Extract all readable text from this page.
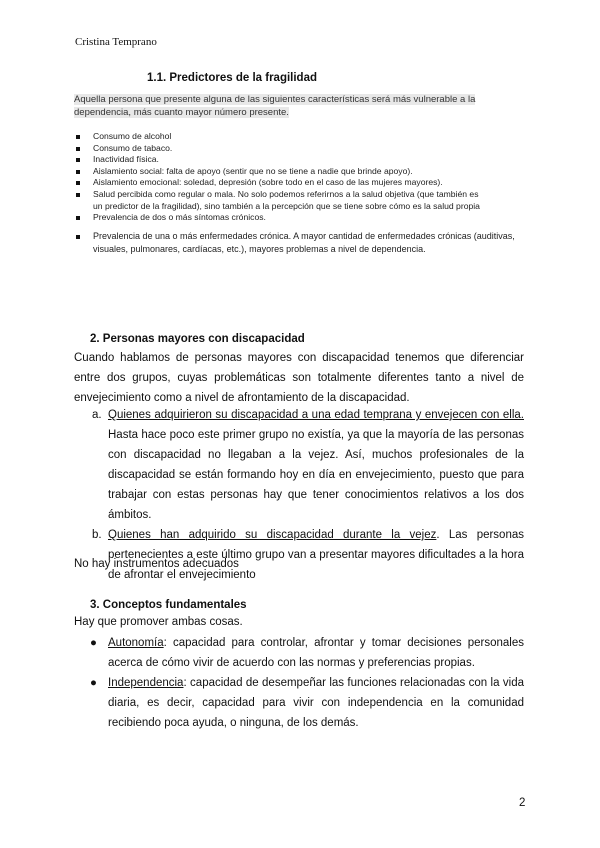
Cristina Temprano
1.1. Predictores de la fragilidad
Aquella persona que presente alguna de las siguientes características será más vulnerable a la dependencia, más cuanto mayor número presente.
Consumo de alcohol
Consumo de tabaco.
Inactividad física.
Aislamiento social: falta de apoyo (sentir que no se tiene a nadie que brinde apoyo).
Aislamiento emocional: soledad, depresión (sobre todo en el caso de las mujeres mayores).
Salud percibida como regular o mala. No solo podemos referirnos a la salud objetiva (que también es un predictor de la fragilidad), sino también a la percepción que se tiene sobre cómo es la salud propia
Prevalencia de dos o más síntomas crónicos.
Prevalencia de una o más enfermedades crónica. A mayor cantidad de enfermedades crónicas (auditivas, visuales, pulmonares, cardíacas, etc.), mayores problemas a nivel de dependencia.
2. Personas mayores con discapacidad
Cuando hablamos de personas mayores con discapacidad tenemos que diferenciar entre dos grupos, cuyas problemáticas son totalmente diferentes tanto a nivel de envejecimiento como a nivel de afrontamiento de la discapacidad.
a. Quienes adquirieron su discapacidad a una edad temprana y envejecen con ella. Hasta hace poco este primer grupo no existía, ya que la mayoría de las personas con discapacidad no llegaban a la vejez. Así, muchos profesionales de la discapacidad se están formando hoy en día en envejecimiento, puesto que para trabajar con estas personas hay que tener conocimientos relativos a los dos ámbitos.
b. Quienes han adquirido su discapacidad durante la vejez. Las personas pertenecientes a este último grupo van a presentar mayores dificultades a la hora de afrontar el envejecimiento
No hay instrumentos adecuados
3. Conceptos fundamentales
Hay que promover ambas cosas.
● Autonomía: capacidad para controlar, afrontar y tomar decisiones personales acerca de cómo vivir de acuerdo con las normas y preferencias propias.
● Independencia: capacidad de desempeñar las funciones relacionadas con la vida diaria, es decir, capacidad para vivir con independencia en la comunidad recibiendo poca ayuda, o ninguna, de los demás.
2
